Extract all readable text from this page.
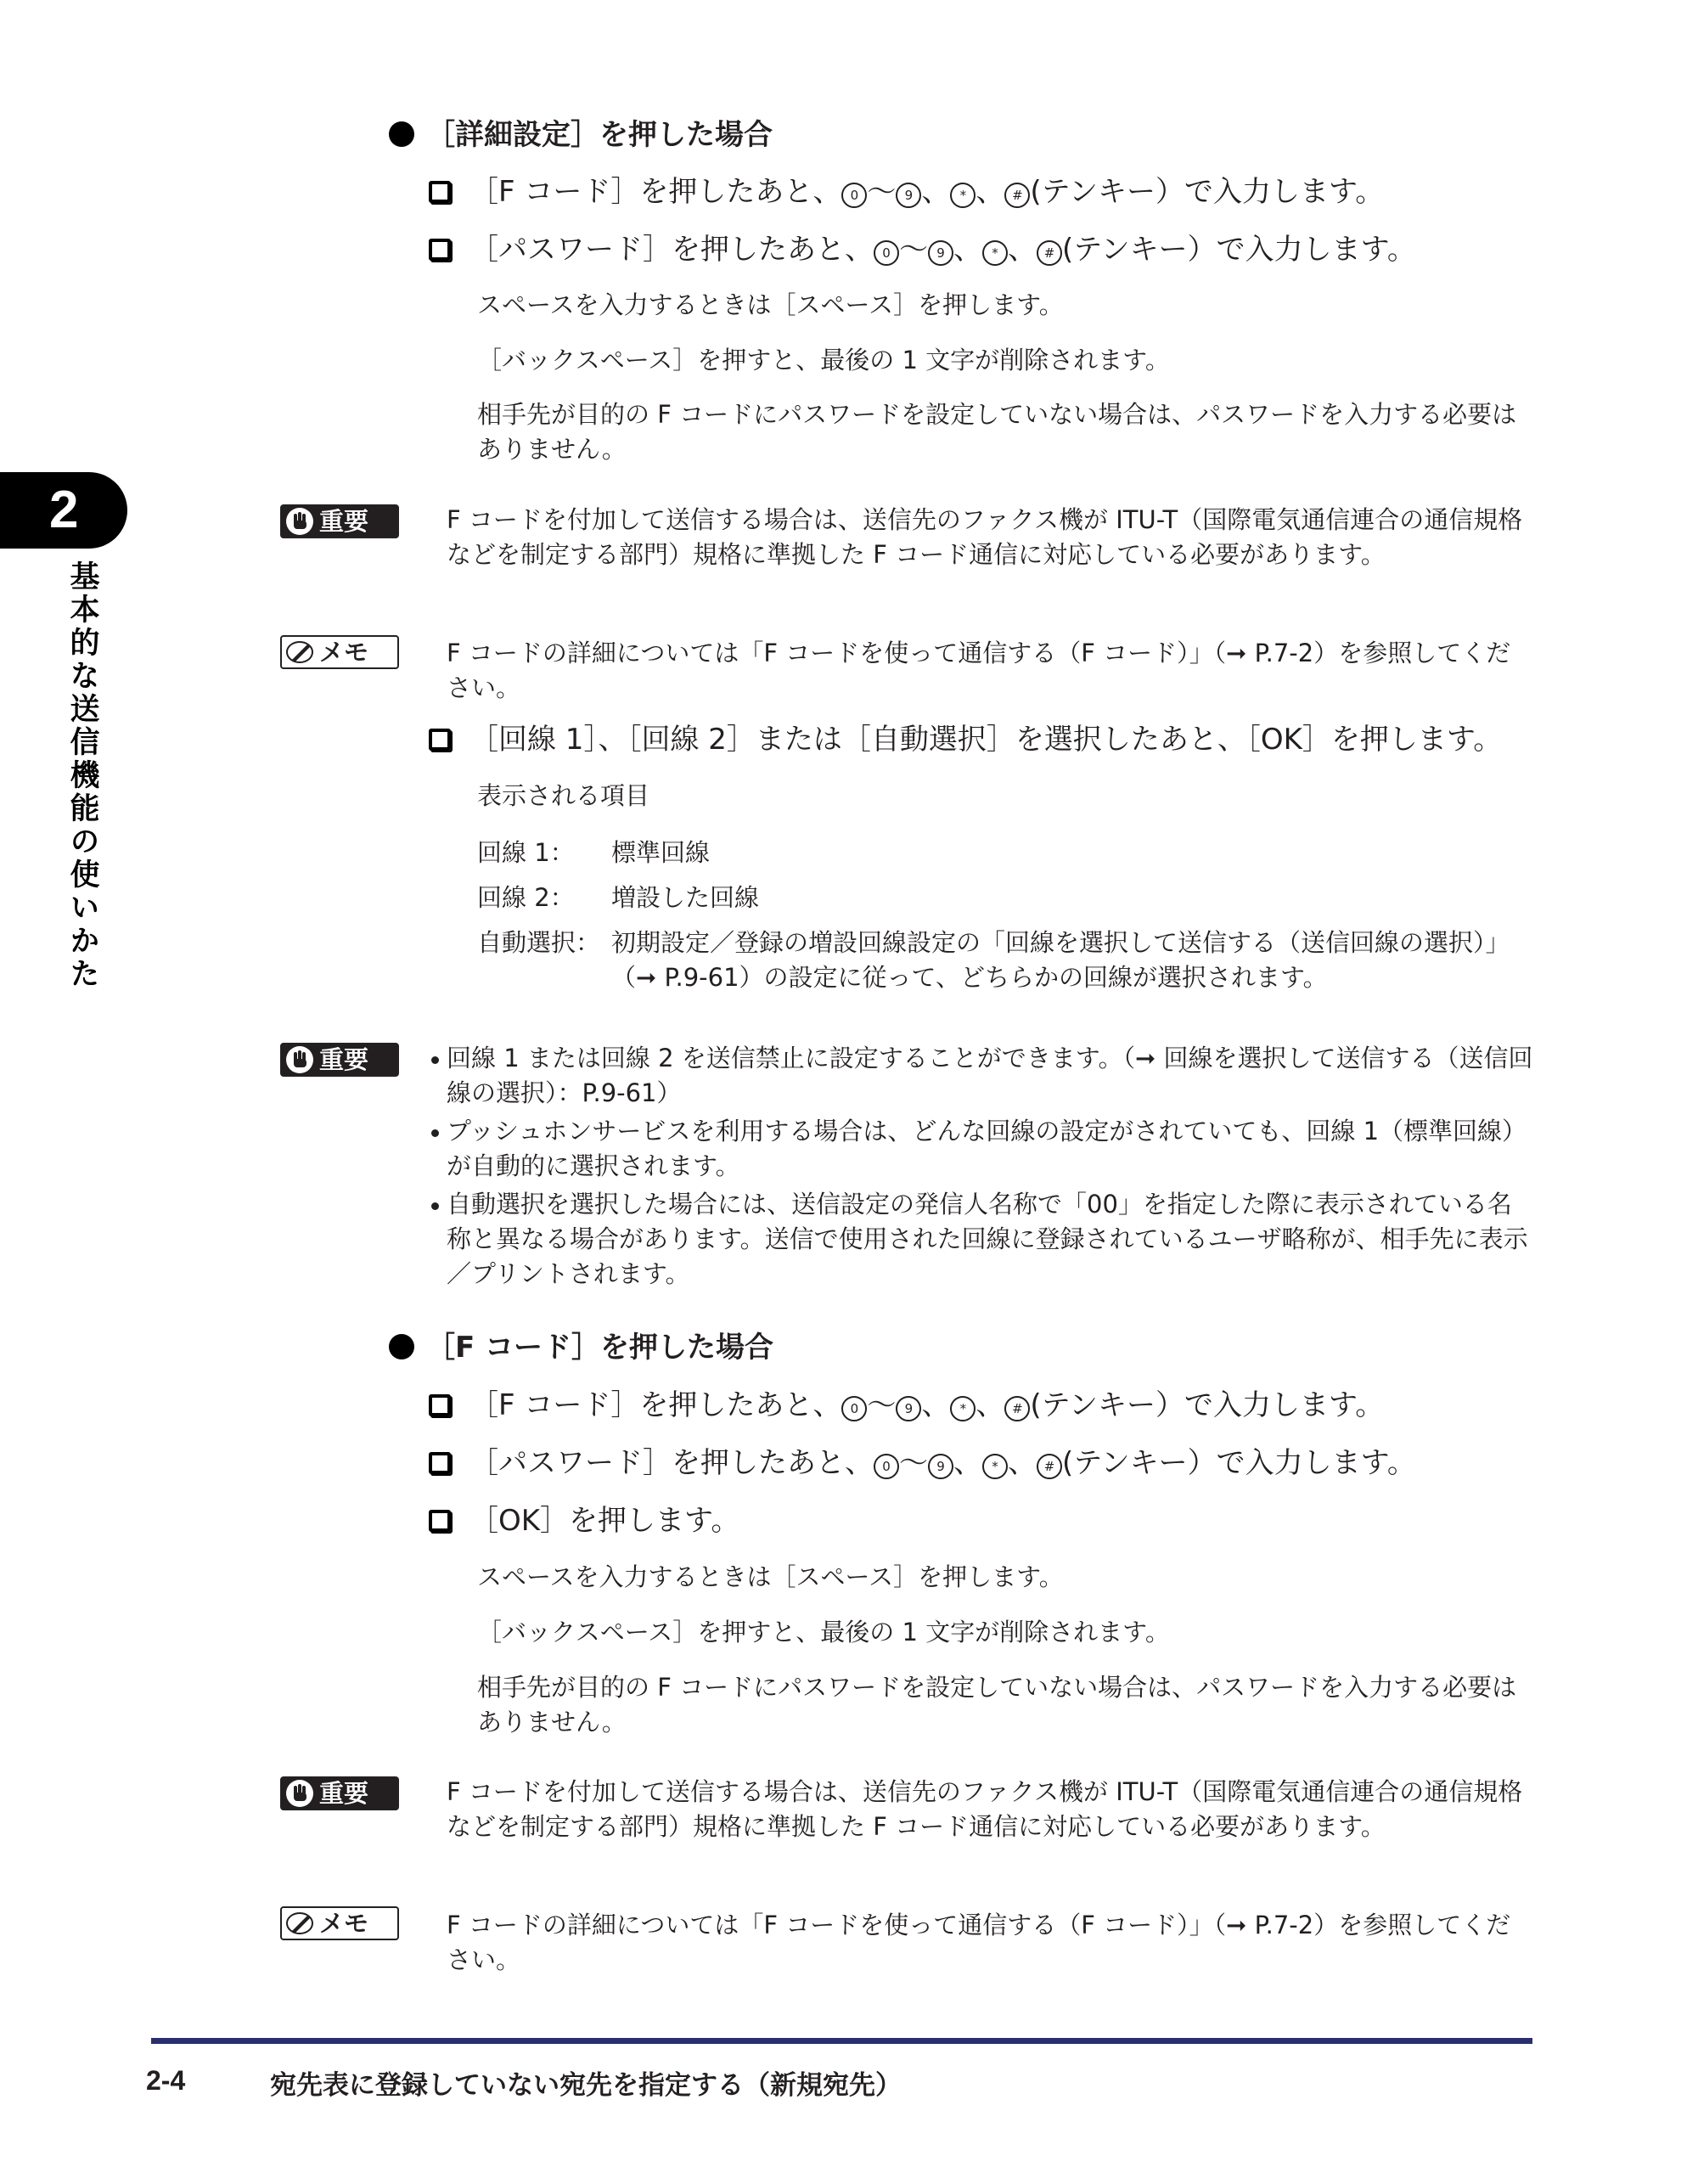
2
基本的な送信機能の使いかた
［詳細設定］を押した場合
［F コード］を押したあと、 0 ～ 9 、 * 、 # (テンキー）で入力します。
［パスワード］を押したあと、 0 ～ 9 、 * 、 # (テンキー）で入力します。
スペースを入力するときは［スペース］を押します。
［バックスペース］を押すと、最後の 1 文字が削除されます。
相手先が目的の F コードにパスワードを設定していない場合は、パスワードを入力する必要はありません。
重要	F コードを付加して送信する場合は、送信先のファクス機が ITU-T（国際電気通信連合の通信規格などを制定する部門）規格に準拠した F コード通信に対応している必要があります。
メモ	F コードの詳細については「F コードを使って通信する（F コード）」（➞ P.7-2）を参照してください。
［回線 1］、［回線 2］または［自動選択］を選択したあと、［OK］を押します。
表示される項目
回線 1：	標準回線
回線 2：	増設した回線
自動選択： 初期設定／登録の増設回線設定の「回線を選択して送信する（送信回線の選択）」（➞ P.9-61）の設定に従って、どちらかの回線が選択されます。
重要	回線 1 または回線 2 を送信禁止に設定することができます。（➞ 回線を選択して送信する（送信回線の選択）：P.9-61）
プッシュホンサービスを利用する場合は、どんな回線の設定がされていても、回線 1（標準回線）が自動的に選択されます。
自動選択を選択した場合には、送信設定の発信人名称で「00」を指定した際に表示されている名称と異なる場合があります。送信で使用された回線に登録されているユーザ略称が、相手先に表示／プリントされます。
［F コード］を押した場合
［F コード］を押したあと、 0 ～ 9 、 * 、 # (テンキー）で入力します。
［パスワード］を押したあと、 0 ～ 9 、 * 、 # (テンキー）で入力します。
［OK］を押します。
スペースを入力するときは［スペース］を押します。
［バックスペース］を押すと、最後の 1 文字が削除されます。
相手先が目的の F コードにパスワードを設定していない場合は、パスワードを入力する必要はありません。
重要	F コードを付加して送信する場合は、送信先のファクス機が ITU-T（国際電気通信連合の通信規格などを制定する部門）規格に準拠した F コード通信に対応している必要があります。
メモ	F コードの詳細については「F コードを使って通信する（F コード）」（➞ P.7-2）を参照してください。
2-4	宛先表に登録していない宛先を指定する（新規宛先）
